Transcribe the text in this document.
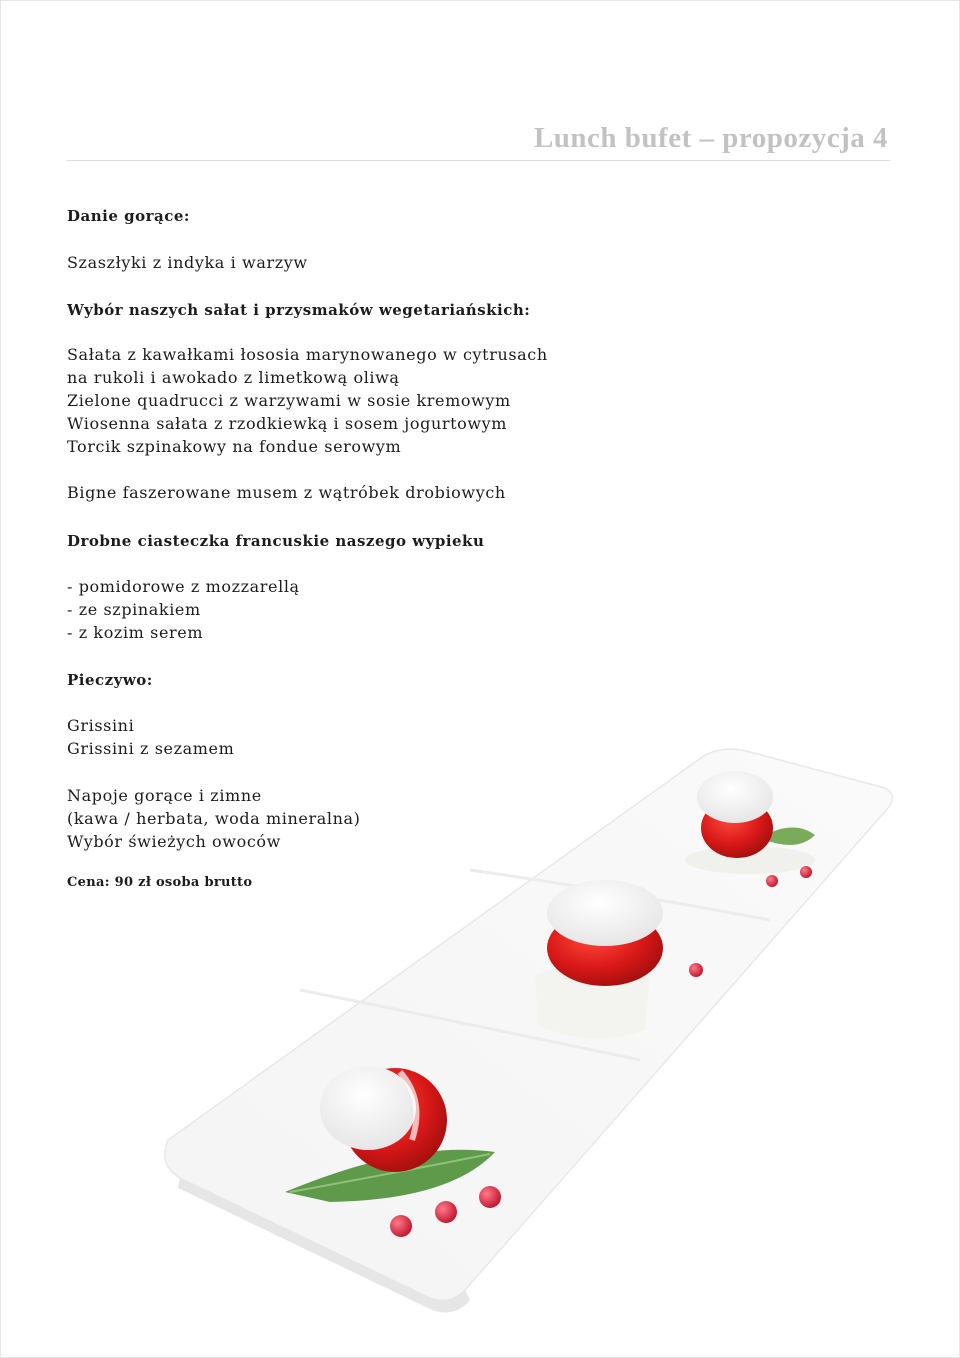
Lunch bufet – propozycja 4
Danie gorące:
Szaszłyki z indyka i warzyw
Wybór naszych sałat i przysmaków wegetariańskich:
Sałata z kawałkami łososia marynowanego w cytrusach
na rukoli i awokado z limetkową oliwą
Zielone quadrucci z warzywami w sosie kremowym
Wiosenna sałata z rzodkiewką i sosem jogurtowym
Torcik szpinakowy na fondue serowym
Bigne faszerowane musem z wątróbek drobiowych
Drobne ciasteczka francuskie naszego wypieku
- pomidorowe z mozzarellą
- ze szpinakiem
- z kozim serem
Pieczywo:
Grissini
Grissini z sezamem
Napoje gorące i zimne
(kawa / herbata, woda mineralna)
Wybór świeżych owoców
Cena: 90 zł osoba brutto
